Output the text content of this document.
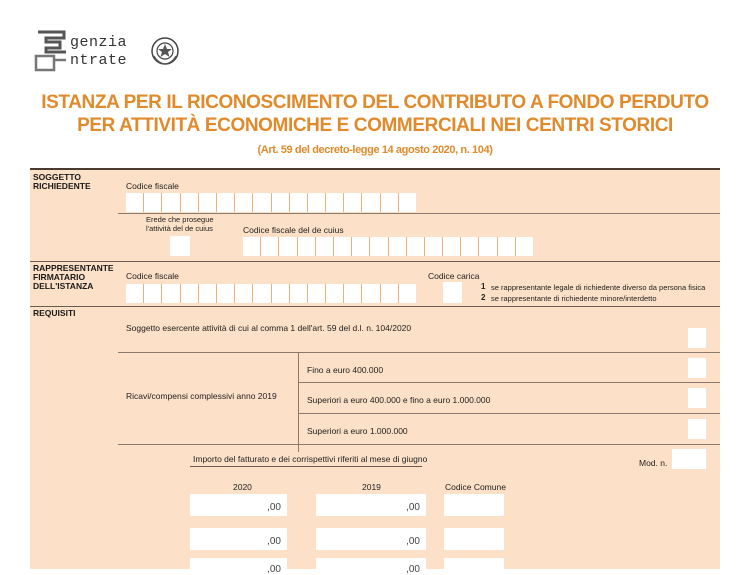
genzia
ntrate
ISTANZA PER IL RICONOSCIMENTO DEL CONTRIBUTO A FONDO PERDUTO
PER ATTIVITÀ ECONOMICHE E COMMERCIALI NEI CENTRI STORICI
(Art. 59 del decreto-legge 14 agosto 2020, n. 104)
SOGGETTO RICHIEDENTE	Codice fiscale
Erede che prosegue l'attività del de cuius	Codice fiscale del de cuius
RAPPRESENTANTE FIRMATARIO DELL'ISTANZA
Codice fiscale	Codice carica
1 se rappresentante legale di richiedente diverso da persona fisica
2 se rappresentante di richiedente minore/interdetto
REQUISITI
Soggetto esercente attività di cui al comma 1 dell'art. 59 del d.l. n. 104/2020
Ricavi/compensi complessivi anno 2019
Fino a euro 400.000
Superiori a euro 400.000 e fino a euro 1.000.000
Superiori a euro 1.000.000
Importo del fatturato e dei corrispettivi riferiti al mese di giugno	Mod. n.
2020	2019	Codice Comune
,00	,00
,00	,00
,00	,00
